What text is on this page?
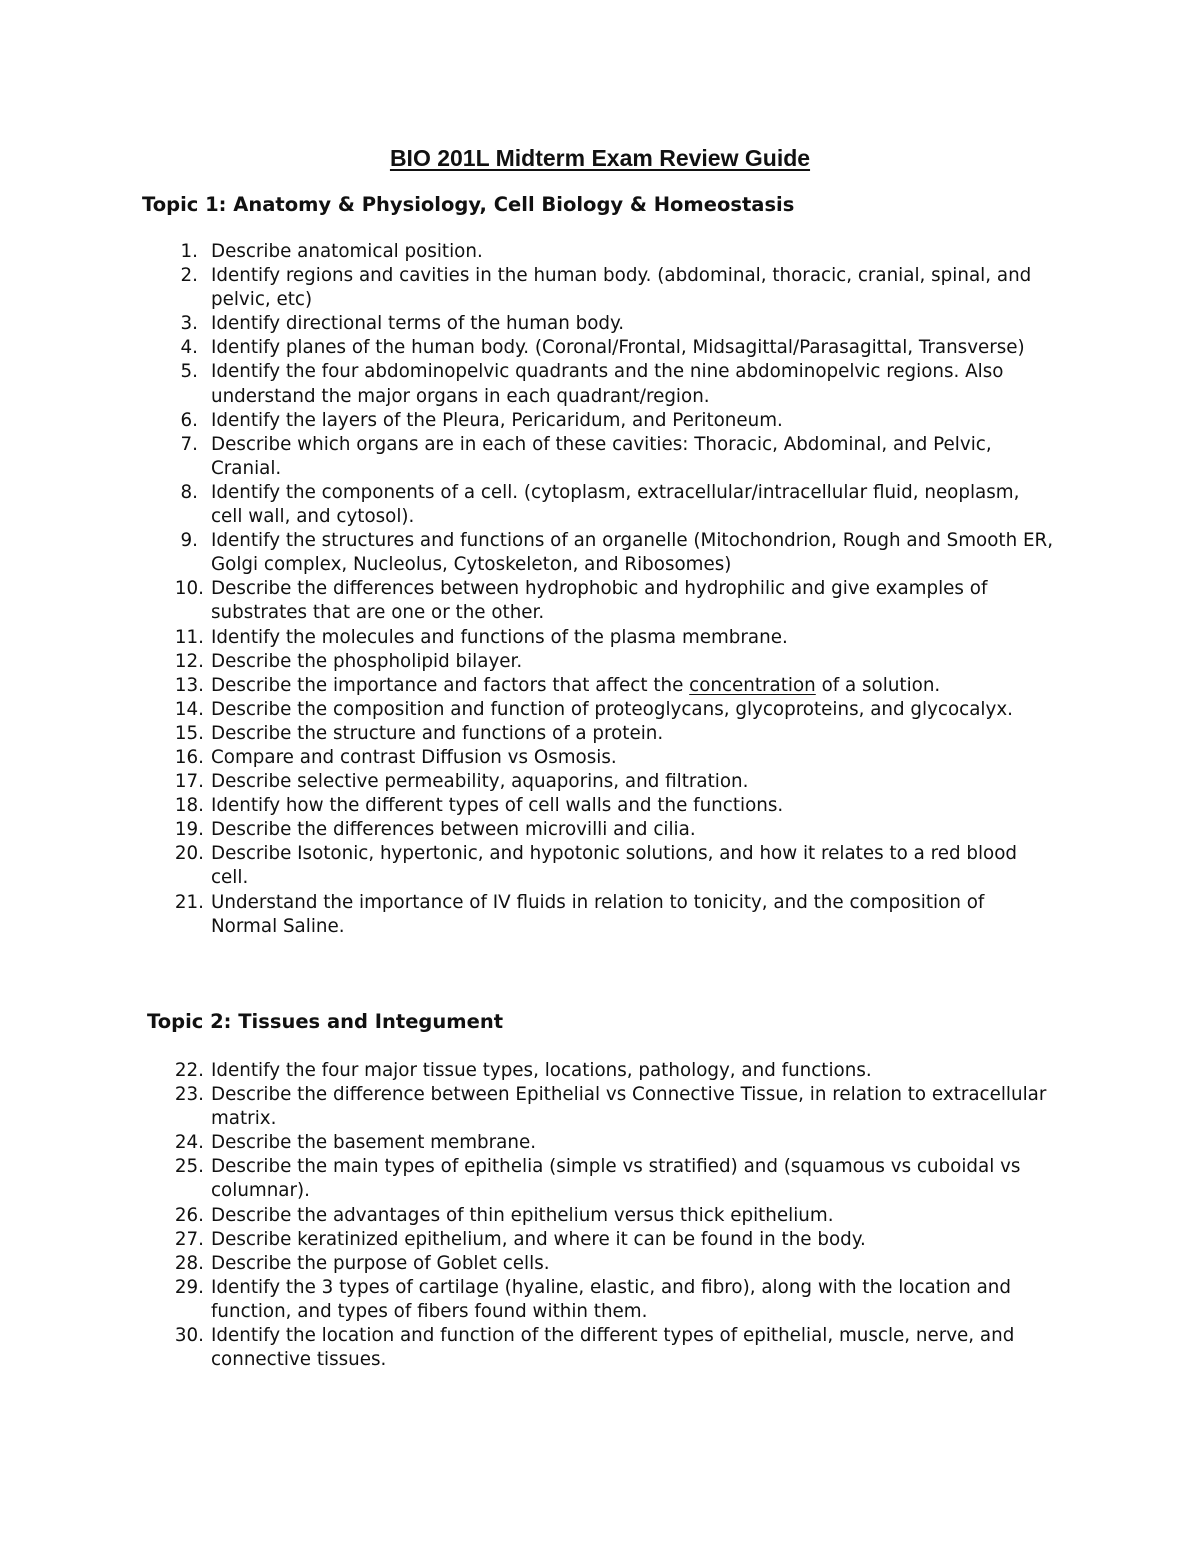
BIO 201L Midterm Exam Review Guide
Topic 1: Anatomy & Physiology, Cell Biology & Homeostasis
1. Describe anatomical position.
2. Identify regions and cavities in the human body. (abdominal, thoracic, cranial, spinal, and pelvic, etc)
3. Identify directional terms of the human body.
4. Identify planes of the human body. (Coronal/Frontal, Midsagittal/Parasagittal, Transverse)
5. Identify the four abdominopelvic quadrants and the nine abdominopelvic regions. Also understand the major organs in each quadrant/region.
6. Identify the layers of the Pleura, Pericaridum, and Peritoneum.
7. Describe which organs are in each of these cavities: Thoracic, Abdominal, and Pelvic, Cranial.
8. Identify the components of a cell. (cytoplasm, extracellular/intracellular fluid, neoplasm, cell wall, and cytosol).
9. Identify the structures and functions of an organelle (Mitochondrion, Rough and Smooth ER, Golgi complex, Nucleolus, Cytoskeleton, and Ribosomes)
10. Describe the differences between hydrophobic and hydrophilic and give examples of substrates that are one or the other.
11. Identify the molecules and functions of the plasma membrane.
12. Describe the phospholipid bilayer.
13. Describe the importance and factors that affect the concentration of a solution.
14. Describe the composition and function of proteoglycans, glycoproteins, and glycocalyx.
15. Describe the structure and functions of a protein.
16. Compare and contrast Diffusion vs Osmosis.
17. Describe selective permeability, aquaporins, and filtration.
18. Identify how the different types of cell walls and the functions.
19. Describe the differences between microvilli and cilia.
20. Describe Isotonic, hypertonic, and hypotonic solutions, and how it relates to a red blood cell.
21. Understand the importance of IV fluids in relation to tonicity, and the composition of Normal Saline.
Topic 2: Tissues and Integument
22. Identify the four major tissue types, locations, pathology, and functions.
23. Describe the difference between Epithelial vs Connective Tissue, in relation to extracellular matrix.
24. Describe the basement membrane.
25. Describe the main types of epithelia (simple vs stratified) and (squamous vs cuboidal vs columnar).
26. Describe the advantages of thin epithelium versus thick epithelium.
27. Describe keratinized epithelium, and where it can be found in the body.
28. Describe the purpose of Goblet cells.
29. Identify the 3 types of cartilage (hyaline, elastic, and fibro), along with the location and function, and types of fibers found within them.
30. Identify the location and function of the different types of epithelial, muscle, nerve, and connective tissues.
